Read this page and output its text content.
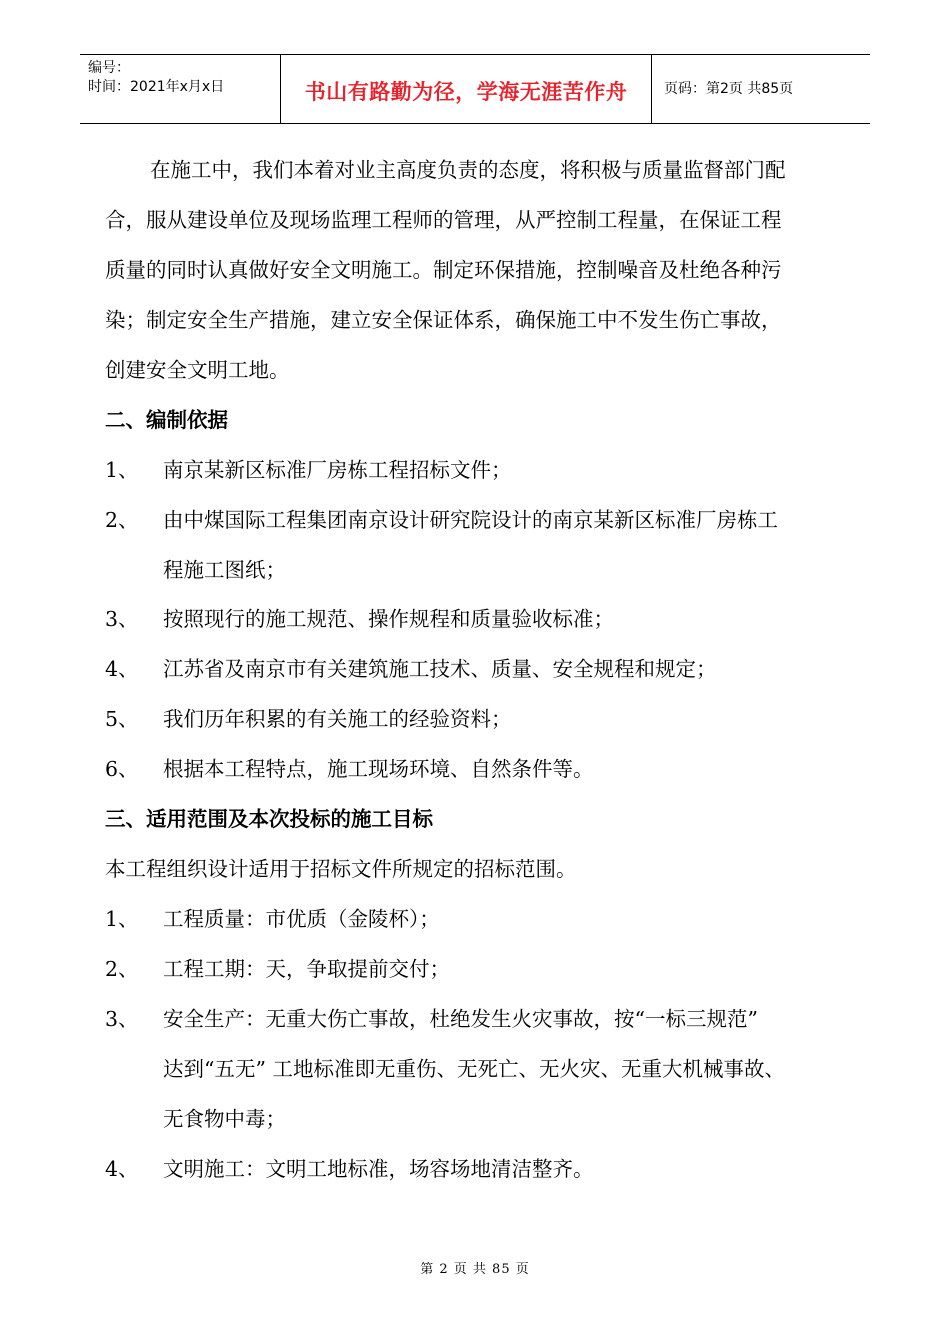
编号：
时间：2021年x月x日	书山有路勤为径，学海无涯苦作舟	页码：第2页 共85页
在施工中，我们本着对业主高度负责的态度，将积极与质量监督部门配
合，服从建设单位及现场监理工程师的管理，从严控制工程量，在保证工程
质量的同时认真做好安全文明施工。制定环保措施，控制噪音及杜绝各种污
染；制定安全生产措施，建立安全保证体系，确保施工中不发生伤亡事故，
创建安全文明工地。
二、编制依据
1、 南京某新区标准厂房栋工程招标文件；
2、 由中煤国际工程集团南京设计研究院设计的南京某新区标准厂房栋工
程施工图纸；
3、 按照现行的施工规范、操作规程和质量验收标准；
4、 江苏省及南京市有关建筑施工技术、质量、安全规程和规定；
5、 我们历年积累的有关施工的经验资料；
6、 根据本工程特点，施工现场环境、自然条件等。
三、适用范围及本次投标的施工目标
本工程组织设计适用于招标文件所规定的招标范围。
1、 工程质量：市优质（金陵杯）；
2、 工程工期：天，争取提前交付；
3、 安全生产：无重大伤亡事故，杜绝发生火灾事故，按“一标三规范”
达到“五无” 工地标准即无重伤、无死亡、无火灾、无重大机械事故、
无食物中毒；
4、 文明施工：文明工地标准，场容场地清洁整齐。
第 2 页 共 85 页
